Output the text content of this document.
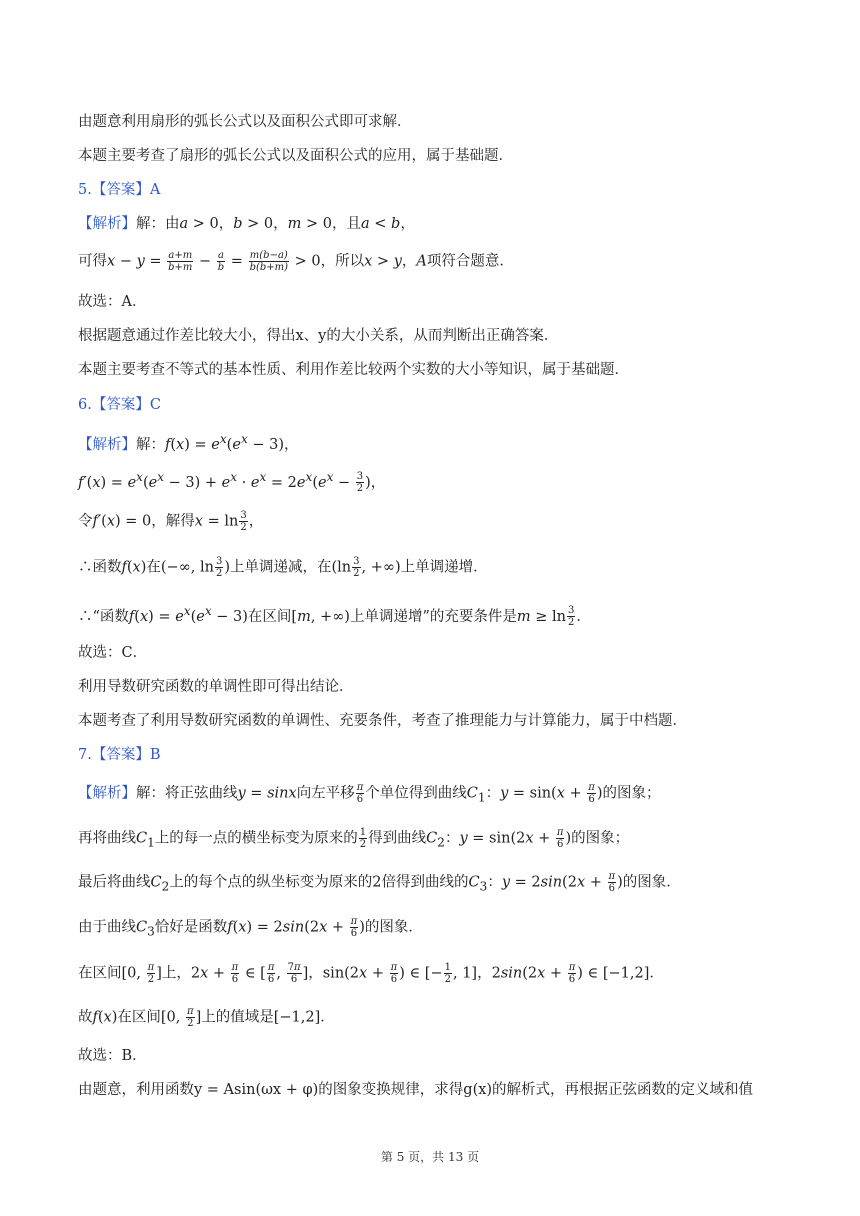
由题意利用扇形的弧长公式以及面积公式即可求解．
本题主要考查了扇形的弧长公式以及面积公式的应用，属于基础题．
5.【答案】A
【解析】解：由a > 0，b > 0，m > 0，且a < b，
可得$x - y = \frac{a+m}{b+m} - \frac{a}{b} = \frac{m(b-a)}{b(b+m)} > 0$，所以x > y，A项符合题意．
故选：A．
根据题意通过作差比较大小，得出x、y的大小关系，从而判断出正确答案．
本题主要考查不等式的基本性质、利用作差比较两个实数的大小等知识，属于基础题．
6.【答案】C
【解析】解：$f(x) = e^x(e^x - 3)$，
$f'(x) = e^x(e^x - 3) + e^x \cdot e^x = 2e^x(e^x - \frac{3}{2}$ )，
令f′(x) = 0，解得$x = \ln \frac{3}{2}$ ，
∴函数f(x)在(−∞, $\ln \frac{3}{2}$ )上单调递减，在($\ln \frac{3}{2}$ , +∞)上单调递增．
∴“函数$f(x) = e^x(e^x - 3)$在区间[m, +∞)上单调递增”的充要条件是$m \ge \ln \frac{3}{2}$ ．
故选：C．
利用导数研究函数的单调性即可得出结论．
本题考查了利用导数研究函数的单调性、充要条件，考查了推理能力与计算能力，属于中档题．
7.【答案】B
【解析】解：将正弦曲线y = sinx向左平移 $\frac{\pi}{6}$ 个单位得到曲线$C_1$：$y = \sin(x + \frac{\pi}{6}$ )的图象；
再将曲线$C_1$上的每一点的横坐标变为原来的 $\frac{1}{2}$ 得到曲线$C_2$：$y = \sin(2x + \frac{\pi}{6}$ )的图象；
最后将曲线$C_2$上的每个点的纵坐标变为原来的2倍得到曲线的$C_3$：$y = 2\sin(2x + \frac{\pi}{6}$ )的图象．
由于曲线$C_3$恰好是函数$f(x) = 2\sin(2x + \frac{\pi}{6}$ )的图象．
在区间[0, $\frac{\pi}{2}$ ]上，$2x + \frac{\pi}{6}$ ∈ [ $\frac{\pi}{6}$ , $\frac{7\pi}{6}$ ]，$\sin(2x + \frac{\pi}{6}$ ) ∈ [− $\frac{1}{2}$ , 1]，$2\sin(2x + \frac{\pi}{6}$ ) ∈ [−1,2]．
故f(x)在区间[0, $\frac{\pi}{2}$ ]上的值域是[−1,2]．
故选：B．
由题意，利用函数y = Asin(ωx + φ)的图象变换规律，求得g(x)的解析式，再根据正弦函数的定义域和值
第 5 页，共 13 页
